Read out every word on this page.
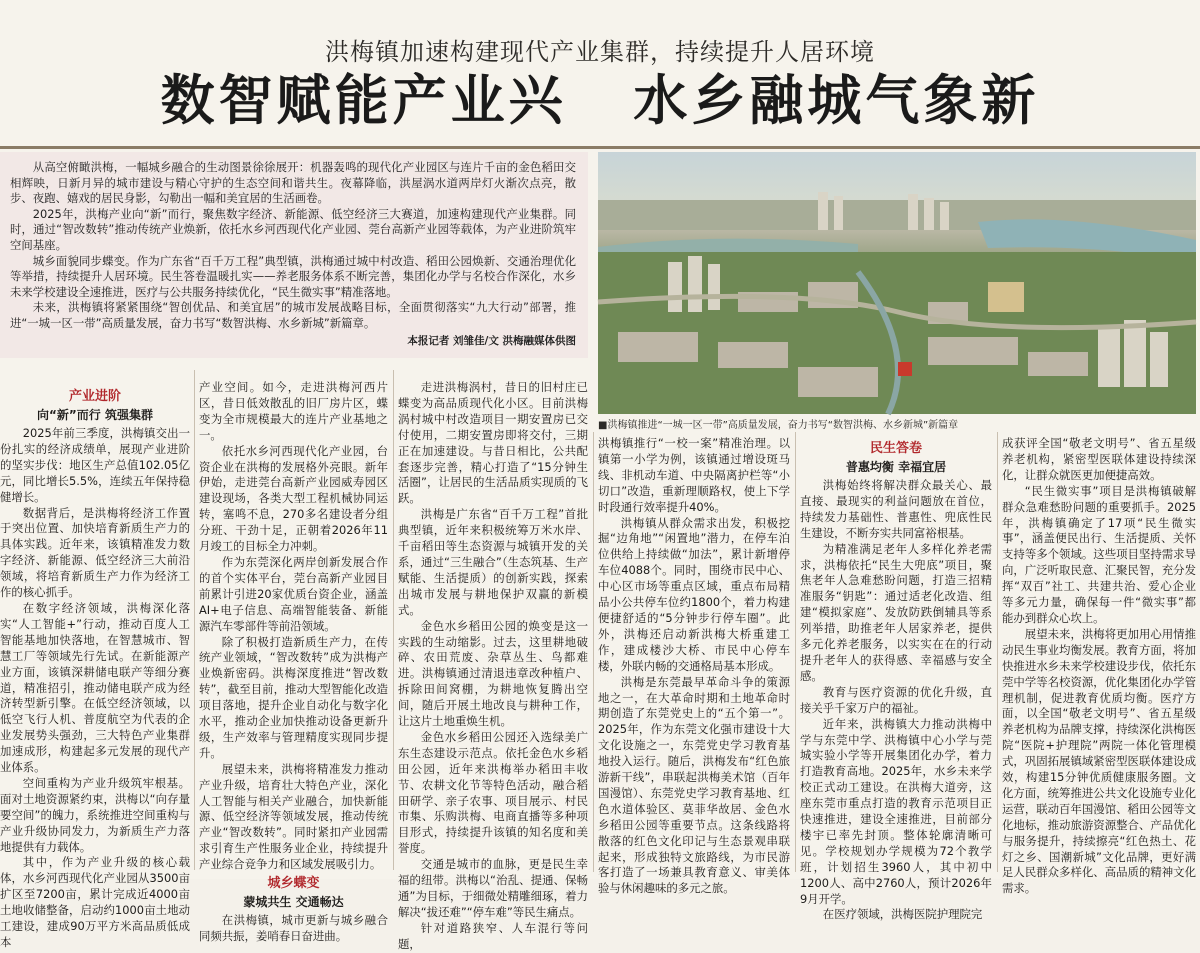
洪梅镇加速构建现代产业集群，持续提升人居环境
数智赋能产业兴 水乡融城气象新

从高空俯瞰洪梅，一幅城乡融合的生动图景徐徐展开：机器轰鸣的现代化产业园区与连片千亩的金色稻田交相辉映，日新月异的城市建设与精心守护的生态空间和谐共生。夜幕降临，洪屋涡水道两岸灯火渐次点亮，散步、夜跑、嬉戏的居民身影，勾勒出一幅和美宜居的生活画卷。

2025年，洪梅产业向“新”而行，聚焦数字经济、新能源、低空经济三大赛道，加速构建现代产业集群。同时，通过“智改数转”推动传统产业焕新，依托水乡河西现代化产业园、莞台高新产业园等载体，为产业进阶筑牢空间基座。

城乡面貌同步蝶变。作为广东省“百千万工程”典型镇，洪梅通过城中村改造、稻田公园焕新、交通治理优化等举措，持续提升人居环境。民生答卷温暖扎实——养老服务体系不断完善，集团化办学与名校合作深化，水乡未来学校建设全速推进，医疗与公共服务持续优化，“民生微实事”精准落地。

未来，洪梅镇将紧紧围绕“智创优品、和美宜居”的城市发展战略目标，全面贯彻落实“九大行动”部署，推进“一城一区一带”高质量发展，奋力书写“数智洪梅、水乡新城”新篇章。

本报记者 刘雏佳/文 洪梅融媒体供图

■洪梅镇推进“一城一区一带”高质量发展，奋力书写“数智洪梅、水乡新城”新篇章
产业进阶
向“新”而行 筑强集群

2025年前三季度，洪梅镇交出一份扎实的经济成绩单，展现产业进阶的坚实步伐：地区生产总值102.05亿元，同比增长5.5%，连续五年保持稳健增长。

数据背后，是洪梅将经济工作置于突出位置、加快培育新质生产力的具体实践。近年来，该镇精准发力数字经济、新能源、低空经济三大前沿领域，将培育新质生产力作为经济工作的核心抓手。

在数字经济领域，洪梅深化落实“人工智能+”行动，推动百度人工智能基地加快落地，在智慧城市、智慧工厂等领域先行先试。在新能源产业方面，该镇深耕储电联产等细分赛道，精准招引，推动储电联产成为经济转型新引擎。在低空经济领域，以低空飞行人机、普度航空为代表的企业发展势头强劲，三大特色产业集群加速成形，构建起多元发展的现代产业体系。

空间重构为产业升级筑牢根基。面对土地资源紧约束，洪梅以“向存量要空间”的魄力，系统推进空间重构与产业升级协同发力，为新质生产力落地提供有力载体。

其中，作为产业升级的核心载体，水乡河西现代化产业园从3500亩扩区至7200亩，累计完成近4000亩土地收储整备，启动约1000亩土地动工建设，建成90万平方米高品质低成本

产业空间。如今，走进洪梅河西片区，昔日低效散乱的旧厂房片区，蝶变为全市规模最大的连片产业基地之一。

依托水乡河西现代化产业园，台资企业在洪梅的发展格外亮眼。新年伊始，走进莞台高新产业园威寿园区建设现场，各类大型工程机械协同运转，塞鸣不息，270多名建设者分组分班、干劲十足，正朝着2026年11月竣工的目标全力冲刺。

作为东莞深化两岸创新发展合作的首个实体平台，莞台高新产业园目前累计引进20家优质台资企业，涵盖AI+电子信息、高端智能装备、新能源汽车零部件等前沿领域。

除了积极打造新质生产力，在传统产业领域，“智改数转”成为洪梅产业焕新密码。洪梅深度推进“智改数转”，截至目前，推动大型智能化改造项目落地，提升企业自动化与数字化水平，推动企业加快推动设备更新升级，生产效率与管理精度实现同步提升。

展望未来，洪梅将精准发力推动产业升级，培育壮大特色产业，深化人工智能与相关产业融合，加快新能源、低空经济等领域发展，推动传统产业“智改数转”。同时紧扣产业园需求引育生产性服务业企业，持续提升产业综合竞争力和区域发展吸引力。

城乡蝶变
蒙城共生 交通畅达

在洪梅镇，城市更新与城乡融合同频共振，姜哨春日奋进曲。

走进洪梅涡村，昔日的旧村庄已蝶变为高品质现代化小区。目前洪梅涡村城中村改造项目一期安置房已交付使用，二期安置房即将交付，三期正在加速建设。与昔日相比，公共配套逐步完善，精心打造了“15分钟生活圈”，让居民的生活品质实现质的飞跃。

洪梅是广东省“百千万工程”首批典型镇，近年来积极统筹万米水岸、千亩稻田等生态资源与城镇开发的关系，通过“三生融合”（生态筑基、生产赋能、生活提质）的创新实践，探索出城市发展与耕地保护双赢的新模式。

金色水乡稻田公园的焕变是这一实践的生动缩影。过去，这里耕地破碎、农田荒废、杂草丛生、鸟都难进。洪梅镇通过清退违章改种植户、拆除田间窝棚，为耕地恢复腾出空间，随后开展土地改良与耕种工作，让这片土地重焕生机。

金色水乡稻田公园还入选绿美广东生态建设示范点。依托金色水乡稻田公园，近年来洪梅举办稻田丰收节、农耕文化节等特色活动，融合稻田研学、亲子农事、项目展示、村民市集、乐购洪梅、电商直播等多种项目形式，持续提升该镇的知名度和美誉度。

交通是城市的血脉，更是民生幸福的纽带。洪梅以“治乱、提通、保畅通”为目标，于细微处精雕细琢，着力解决“拔还难”“停车难”等民生痛点。

针对道路狭窄、人车混行等问题，

洪梅镇推行“一校一案”精准治理。以镇第一小学为例，该镇通过增设斑马线、非机动车道、中央隔离护栏等“小切口”改造，重新理顺路权，使上下学时段通行效率提升40%。

洪梅镇从群众需求出发，积极挖掘“边角地”“闲置地”潜力，在停车泊位供给上持续做“加法”，累计新增停车位4088个。同时，围绕市民中心、中心区市场等重点区域，重点布局精品小公共停车位约1800个，着力构建便捷舒适的“5分钟步行停车圈”。此外，洪梅还启动新洪梅大桥重建工作，建成楼沙大桥、市民中心停车楼，外联内畅的交通格局基本形成。

洪梅是东莞最早革命斗争的策源地之一，在大革命时期和土地革命时期创造了东莞党史上的“五个第一”。2025年，作为东莞文化强市建设十大文化设施之一，东莞党史学习教育基地投入运行。随后，洪梅发布“红色旅游新干线”，串联起洪梅美术馆（百年国漫馆）、东莞党史学习教育基地、红色水道体验区、莫菲华故居、金色水乡稻田公园等重要节点。这条线路将散落的红色文化印记与生态景观串联起来，形成独特文旅路线，为市民游客打造了一场兼具教育意义、审美体验与休闲趣味的多元之旅。

民生答卷
普惠均衡 幸福宜居

洪梅始终将解决群众最关心、最直接、最现实的利益问题放在首位，持续发力基础性、普惠性、兜底性民生建设，不断夯实共同富裕根基。

为精准满足老年人多样化养老需求，洪梅依托“民生大兜底”项目，聚焦老年人急难愁盼问题，打造三招精准服务“钥匙”：通过适老化改造、组建“模拟家庭”、发放防跌倒辅具等系列举措，助推老年人居家养老，提供多元化养老服务，以实实在在的行动提升老年人的获得感、幸福感与安全感。

教育与医疗资源的优化升级，直接关乎千家万户的福祉。

近年来，洪梅镇大力推动洪梅中学与东莞中学、洪梅镇中心小学与莞城实验小学等开展集团化办学，着力打造教育高地。2025年，水乡未来学校正式动工建设。在洪梅大道旁，这座东莞市重点打造的教育示范项目正快速推进，建设全速推进，目前部分楼宇已率先封顶。整体轮廓清晰可见。学校规划办学规模为72个教学班，计划招生3960人，其中初中1200人、高中2760人，预计2026年9月开学。

在医疗领域，洪梅医院护理院完

成获评全国“敬老文明号”、省五星级养老机构，紧密型医联体建设持续深化，让群众就医更加便捷高效。

“民生微实事”项目是洪梅镇破解群众急难愁盼问题的重要抓手。2025年，洪梅镇确定了17项“民生微实事”，涵盖便民出行、生活提质、关怀支持等多个领域。这些项目坚持需求导向，广泛听取民意、汇聚民智，充分发挥“双百”社工、共建共治、爱心企业等多元力量，确保每一件“微实事”都能办到群众心坎上。

展望未来，洪梅将更加用心用情推动民生事业均衡发展。教育方面，将加快推进水乡未来学校建设步伐，依托东莞中学等名校资源，优化集团化办学管理机制，促进教育优质均衡。医疗方面，以全国“敬老文明号”、省五星级养老机构为品牌支撑，持续深化洪梅医院“医院+护理院”两院一体化管理模式，巩固拓展镇域紧密型医联体建设成效，构建15分钟优质健康服务圈。文化方面，统筹推进公共文化设施专业化运营，联动百年国漫馆、稻田公园等文化地标，推动旅游资源整合、产品优化与服务提升，持续擦亮“红色热土、花灯之乡、国潮新城”文化品牌，更好满足人民群众多样化、高品质的精神文化需求。
